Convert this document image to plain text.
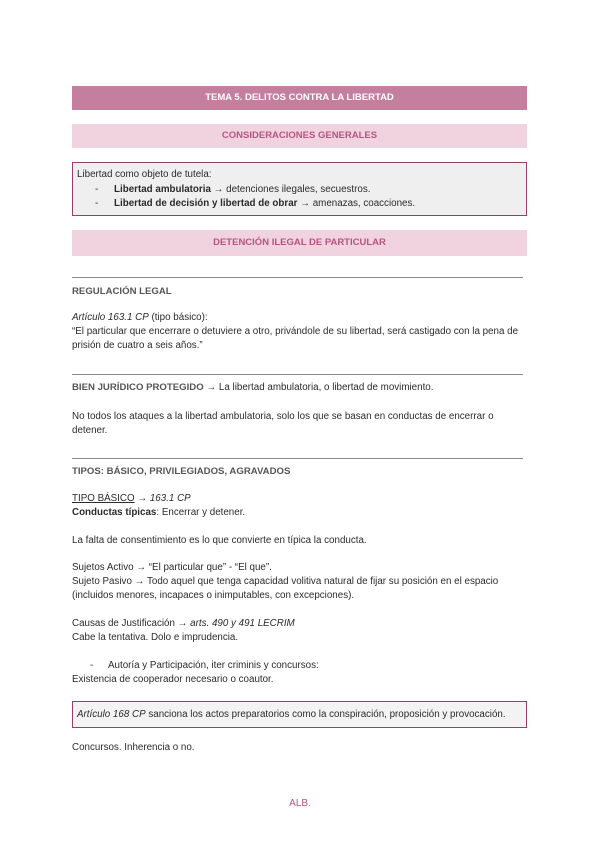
TEMA 5. DELITOS CONTRA LA LIBERTAD
CONSIDERACIONES GENERALES
Libertad como objeto de tutela:
- Libertad ambulatoria → detenciones ilegales, secuestros.
- Libertad de decisión y libertad de obrar → amenazas, coacciones.
DETENCIÓN ILEGAL DE PARTICULAR
REGULACIÓN LEGAL
Artículo 163.1 CP (tipo básico):
“El particular que encerrare o detuviere a otro, privándole de su libertad, será castigado con la pena de
prisión de cuatro a seis años.”
BIEN JURÍDICO PROTEGIDO → La libertad ambulatoria, o libertad de movimiento.
No todos los ataques a la libertad ambulatoria, solo los que se basan en conductas de encerrar o
detener.
TIPOS: BÁSICO, PRIVILEGIADOS, AGRAVADOS
TIPO BÁSICO → 163.1 CP
Conductas típicas: Encerrar y detener.
La falta de consentimiento es lo que convierte en típica la conducta.
Sujetos Activo → “El particular que” - “El que”.
Sujeto Pasivo → Todo aquel que tenga capacidad volitiva natural de fijar su posición en el espacio
(incluidos menores, incapaces o inimputables, con excepciones).
Causas de Justificación → arts. 490 y 491 LECRIM
Cabe la tentativa. Dolo e imprudencia.
- Autoría y Participación, iter criminis y concursos:
Existencia de cooperador necesario o coautor.
Artículo 168 CP sanciona los actos preparatorios como la conspiración, proposición y provocación.
Concursos. Inherencia o no.
ALB.
